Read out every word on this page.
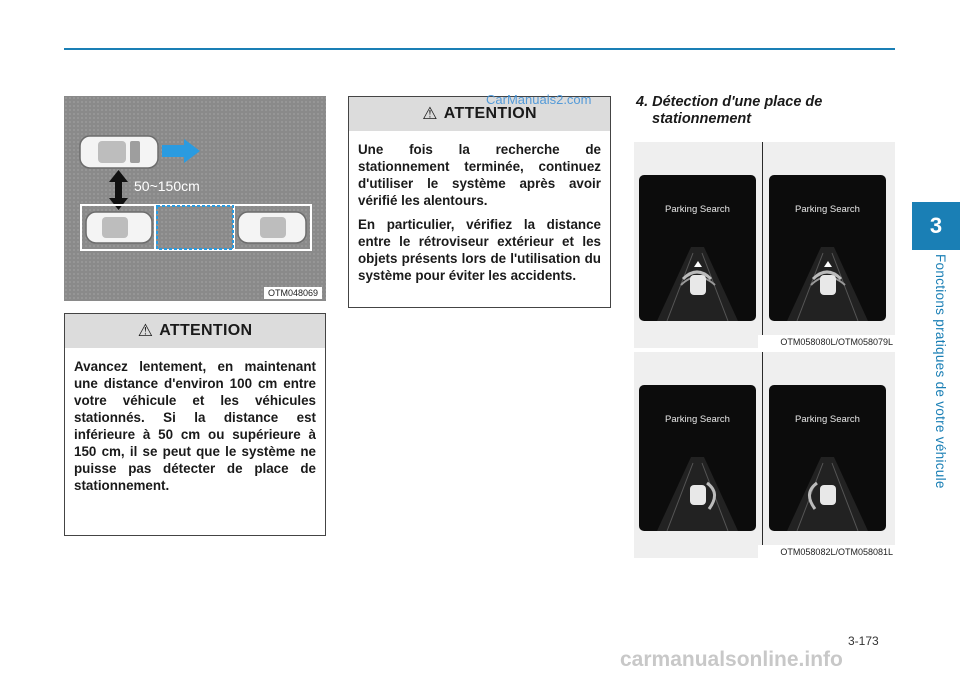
3
Fonctions pratiques de votre véhicule
50~150cm
OTM048069
⚠ ATTENTION

Avancez lentement, en maintenant une distance d'environ 100 cm entre votre véhicule et les véhicules stationnés. Si la distance est inférieure à 50 cm ou supérieure à 150 cm, il se peut que le système ne puisse pas détecter de place de stationnement.

⚠ ATTENTION

Une fois la recherche de stationnement terminée, continuez d'utiliser le système après avoir vérifié les alentours.

En particulier, vérifiez la distance entre le rétroviseur extérieur et les objets présents lors de l'utilisation du système pour éviter les accidents.

CarManuals2.com	4. Détection d'une place de
stationnement
Parking Search	Parking Search
OTM058080L/OTM058079L
Parking Search	Parking Search
OTM058082L/OTM058081L
3-173
carmanualsonline.info
